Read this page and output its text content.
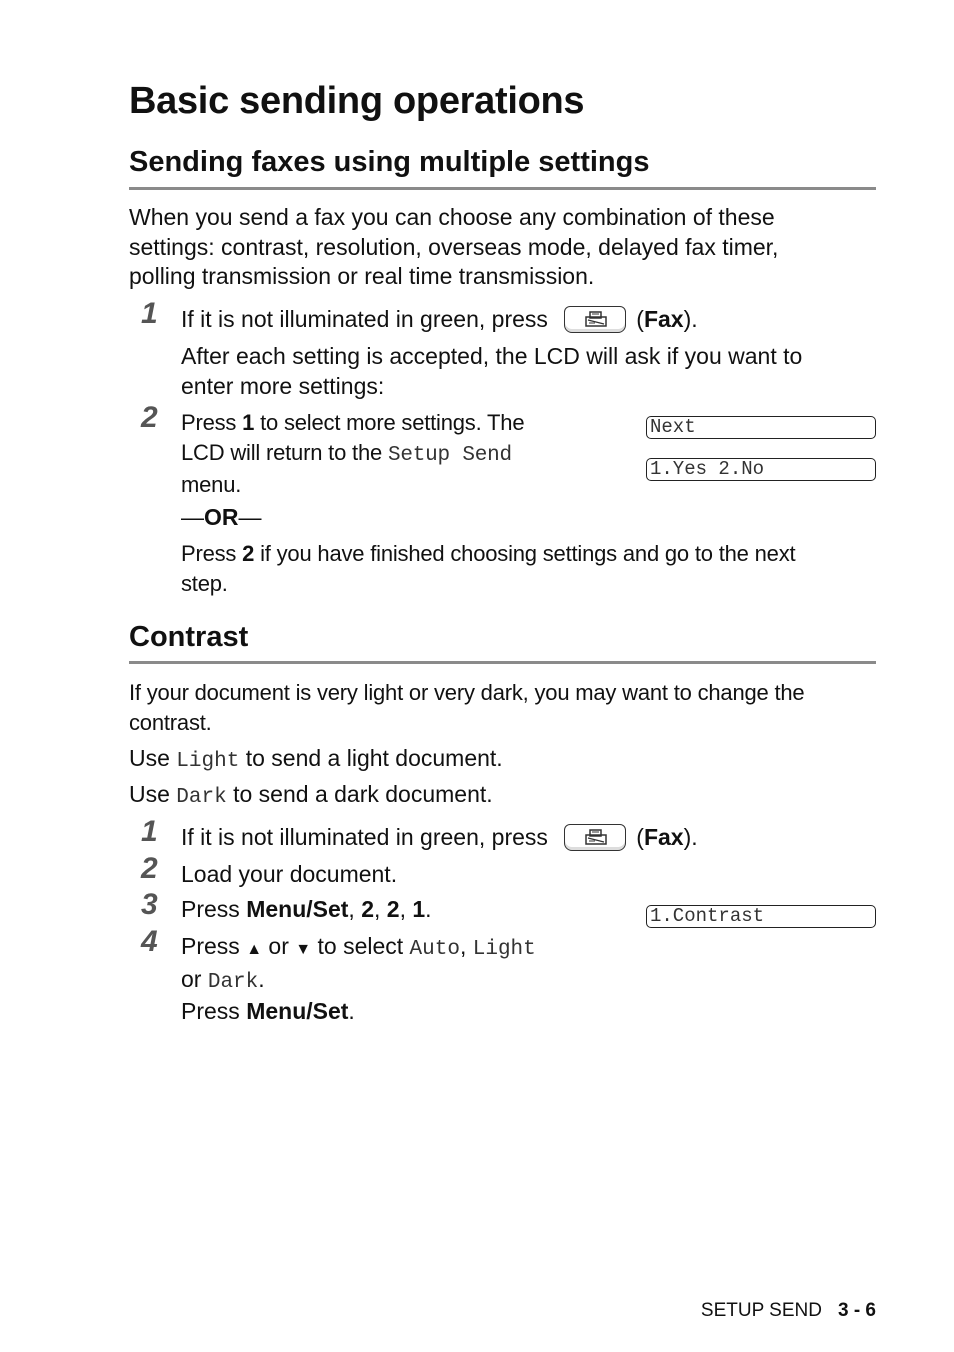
Basic sending operations
Sending faxes using multiple settings
When you send a fax you can choose any combination of these
settings: contrast, resolution, overseas mode, delayed fax timer,
polling transmission or real time transmission.
1 If it is not illuminated in green, press	(Fax).
After each setting is accepted, the LCD will ask if you want to
enter more settings:
2 Press 1 to select more settings. The
LCD will return to the Setup Send
menu.
Next
1.Yes 2.No
—OR—
Press 2 if you have finished choosing settings and go to the next
step.
Contrast
If your document is very light or very dark, you may want to change the
contrast.
Use Light to send a light document.
Use Dark to send a dark document.
1 If it is not illuminated in green, press	(Fax).
2 Load your document.
3 Press Menu/Set, 2, 2, 1.	1.Contrast
4 Press ▲ or ▼ to select Auto, Light
or Dark.
Press Menu/Set.
SETUP SEND 3 - 6
